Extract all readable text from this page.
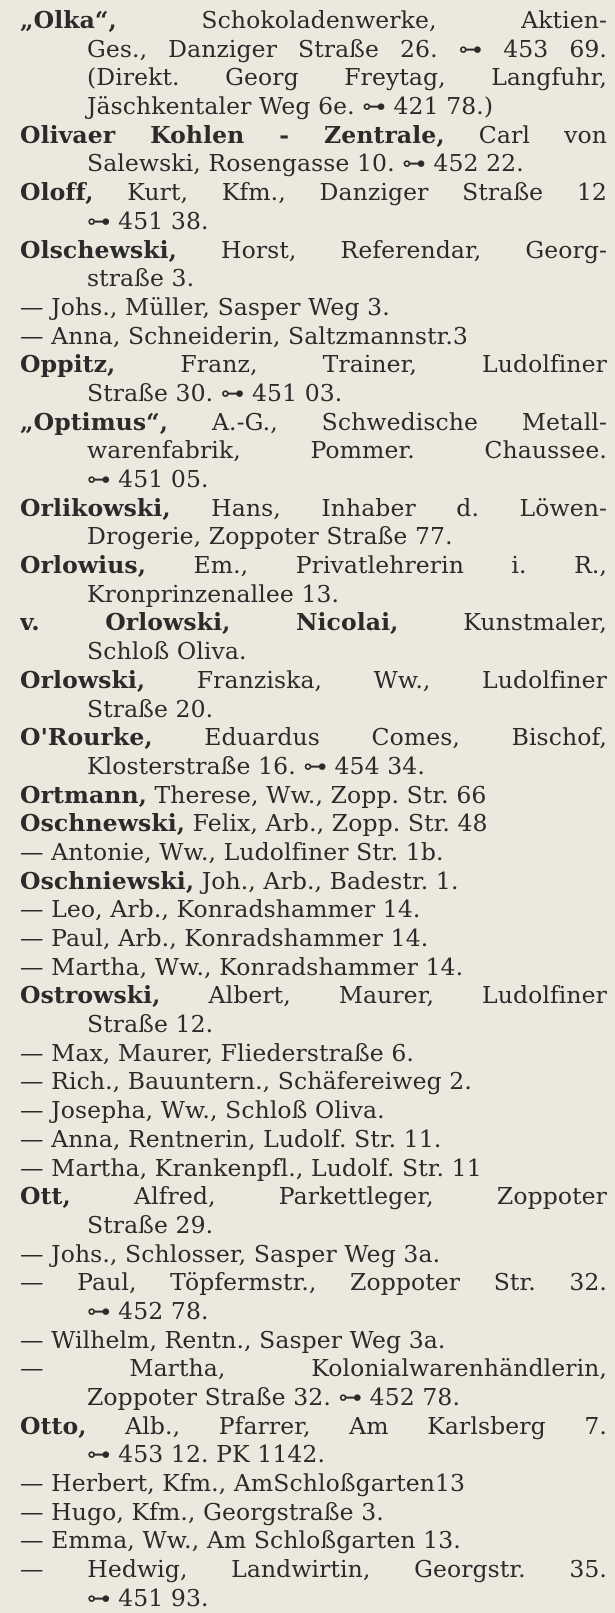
„Olka“, Schokoladenwerke, Aktien-
Ges., Danziger Straße 26. ⊶ 453 69.
(Direkt. Georg Freytag, Langfuhr,
Jäschkentaler Weg 6e. ⊶ 421 78.)
Olivaer Kohlen - Zentrale, Carl von
Salewski, Rosengasse 10. ⊶ 452 22.
Oloff, Kurt, Kfm., Danziger Straße 12
⊶ 451 38.
Olschewski, Horst, Referendar, Georg-
straße 3.
— Johs., Müller, Sasper Weg 3.
— Anna, Schneiderin, Saltzmannstr.3
Oppitz, Franz, Trainer, Ludolfiner
Straße 30. ⊶ 451 03.
„Optimus“, A.-G., Schwedische Metall-
warenfabrik, Pommer. Chaussee.
⊶ 451 05.
Orlikowski, Hans, Inhaber d. Löwen-
Drogerie, Zoppoter Straße 77.
Orlowius, Em., Privatlehrerin i. R.,
Kronprinzenallee 13.
v. Orlowski, Nicolai, Kunstmaler,
Schloß Oliva.
Orlowski, Franziska, Ww., Ludolfiner
Straße 20.
O'Rourke, Eduardus Comes, Bischof,
Klosterstraße 16. ⊶ 454 34.
Ortmann, Therese, Ww., Zopp. Str. 66
Oschnewski, Felix, Arb., Zopp. Str. 48
— Antonie, Ww., Ludolfiner Str. 1b.
Oschniewski, Joh., Arb., Badestr. 1.
— Leo, Arb., Konradshammer 14.
— Paul, Arb., Konradshammer 14.
— Martha, Ww., Konradshammer 14.
Ostrowski, Albert, Maurer, Ludolfiner
Straße 12.
— Max, Maurer, Fliederstraße 6.
— Rich., Bauuntern., Schäfereiweg 2.
— Josepha, Ww., Schloß Oliva.
— Anna, Rentnerin, Ludolf. Str. 11.
— Martha, Krankenpfl., Ludolf. Str. 11
Ott, Alfred, Parkettleger, Zoppoter
Straße 29.
— Johs., Schlosser, Sasper Weg 3a.
— Paul, Töpfermstr., Zoppoter Str. 32.
⊶ 452 78.
— Wilhelm, Rentn., Sasper Weg 3a.
— Martha, Kolonialwarenhändlerin,
Zoppoter Straße 32. ⊶ 452 78.
Otto, Alb., Pfarrer, Am Karlsberg 7.
⊶ 453 12. PK 1142.
— Herbert, Kfm., AmSchloßgarten13
— Hugo, Kfm., Georgstraße 3.
— Emma, Ww., Am Schloßgarten 13.
— Hedwig, Landwirtin, Georgstr. 35.
⊶ 451 93.
